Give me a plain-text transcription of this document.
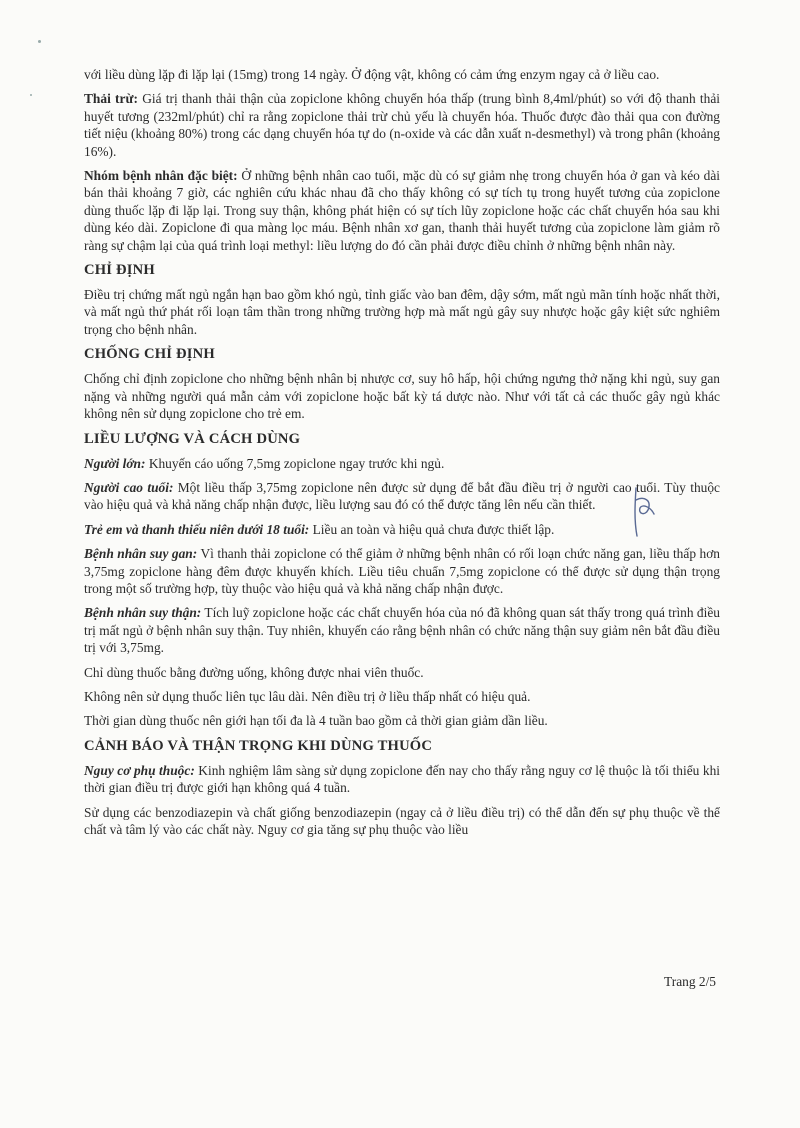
với liều dùng lặp đi lặp lại (15mg) trong 14 ngày. Ở động vật, không có cảm ứng enzym ngay cả ở liều cao.

Thải trừ: Giá trị thanh thải thận của zopiclone không chuyển hóa thấp (trung bình 8,4ml/phút) so với độ thanh thải huyết tương (232ml/phút) chỉ ra rằng zopiclone thải trừ chủ yếu là chuyển hóa. Thuốc được đào thải qua con đường tiết niệu (khoảng 80%) trong các dạng chuyển hóa tự do (n-oxide và các dẫn xuất n-desmethyl) và trong phân (khoảng 16%).

Nhóm bệnh nhân đặc biệt: Ở những bệnh nhân cao tuổi, mặc dù có sự giảm nhẹ trong chuyển hóa ở gan và kéo dài bán thải khoảng 7 giờ, các nghiên cứu khác nhau đã cho thấy không có sự tích tụ trong huyết tương của zopiclone dùng thuốc lặp đi lặp lại. Trong suy thận, không phát hiện có sự tích lũy zopiclone hoặc các chất chuyển hóa sau khi dùng kéo dài. Zopiclone đi qua màng lọc máu. Bệnh nhân xơ gan, thanh thải huyết tương của zopiclone làm giảm rõ ràng sự chậm lại của quá trình loại methyl: liều lượng do đó cần phải được điều chỉnh ở những bệnh nhân này.

CHỈ ĐỊNH

Điều trị chứng mất ngủ ngắn hạn bao gồm khó ngủ, tỉnh giấc vào ban đêm, dậy sớm, mất ngủ mãn tính hoặc nhất thời, và mất ngủ thứ phát rối loạn tâm thần trong những trường hợp mà mất ngủ gây suy nhược hoặc gây kiệt sức nghiêm trọng cho bệnh nhân.

CHỐNG CHỈ ĐỊNH

Chống chỉ định zopiclone cho những bệnh nhân bị nhược cơ, suy hô hấp, hội chứng ngưng thở nặng khi ngủ, suy gan nặng và những người quá mẫn cảm với zopiclone hoặc bất kỳ tá dược nào. Như với tất cả các thuốc gây ngủ khác không nên sử dụng zopiclone cho trẻ em.

LIỀU LƯỢNG VÀ CÁCH DÙNG

Người lớn: Khuyến cáo uống 7,5mg zopiclone ngay trước khi ngủ.

Người cao tuổi: Một liều thấp 3,75mg zopiclone nên được sử dụng để bắt đầu điều trị ở người cao tuổi. Tùy thuộc vào hiệu quả và khả năng chấp nhận được, liều lượng sau đó có thể được tăng lên nếu cần thiết.

Trẻ em và thanh thiếu niên dưới 18 tuổi: Liều an toàn và hiệu quả chưa được thiết lập.

Bệnh nhân suy gan: Vì thanh thải zopiclone có thể giảm ở những bệnh nhân có rối loạn chức năng gan, liều thấp hơn 3,75mg zopiclone hàng đêm được khuyến khích. Liều tiêu chuẩn 7,5mg zopiclone có thể được sử dụng thận trọng trong một số trường hợp, tùy thuộc vào hiệu quả và khả năng chấp nhận được.

Bệnh nhân suy thận: Tích luỹ zopiclone hoặc các chất chuyển hóa của nó đã không quan sát thấy trong quá trình điều trị mất ngủ ở bệnh nhân suy thận. Tuy nhiên, khuyến cáo rằng bệnh nhân có chức năng thận suy giảm nên bắt đầu điều trị với 3,75mg.

Chỉ dùng thuốc bằng đường uống, không được nhai viên thuốc.

Không nên sử dụng thuốc liên tục lâu dài. Nên điều trị ở liều thấp nhất có hiệu quả.

Thời gian dùng thuốc nên giới hạn tối đa là 4 tuần bao gồm cả thời gian giảm dần liều.

CẢNH BÁO VÀ THẬN TRỌNG KHI DÙNG THUỐC

Nguy cơ phụ thuộc: Kinh nghiệm lâm sàng sử dụng zopiclone đến nay cho thấy rằng nguy cơ lệ thuộc là tối thiểu khi thời gian điều trị được giới hạn không quá 4 tuần.

Sử dụng các benzodiazepin và chất giống benzodiazepin (ngay cả ở liều điều trị) có thể dẫn đến sự phụ thuộc về thể chất và tâm lý vào các chất này. Nguy cơ gia tăng sự phụ thuộc vào liều

Trang 2/5
